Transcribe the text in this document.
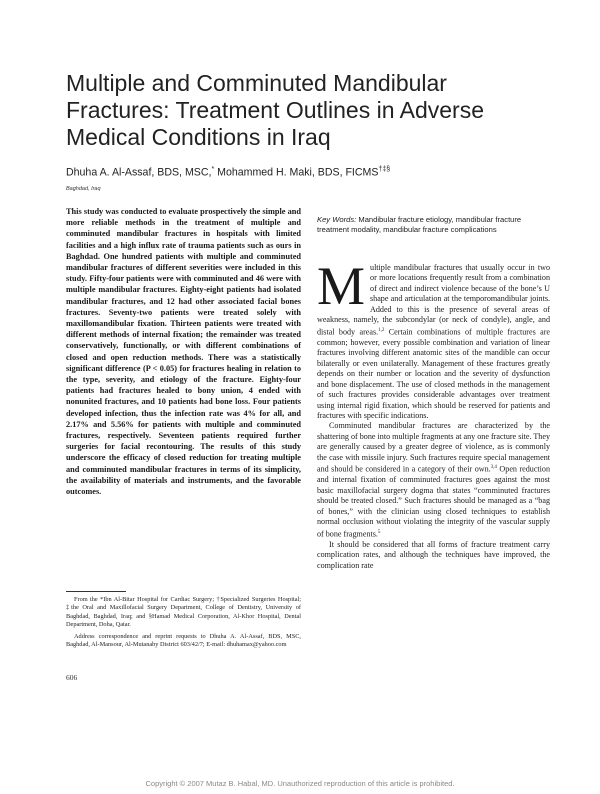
Multiple and Comminuted Mandibular Fractures: Treatment Outlines in Adverse Medical Conditions in Iraq
Dhuha A. Al-Assaf, BDS, MSC,* Mohammed H. Maki, BDS, FICMS†‡§
Baghdad, Iraq

This study was conducted to evaluate prospectively the simple and more reliable methods in the treatment of multiple and comminuted mandibular fractures in hospitals with limited facilities and a high influx rate of trauma patients such as ours in Baghdad. One hundred patients with multiple and comminuted mandibular fractures of different severities were included in this study. Fifty-four patients were with comminuted and 46 were with multiple mandibular fractures. Eighty-eight patients had isolated mandibular fractures, and 12 had other associated facial bones fractures. Seventy-two patients were treated solely with maxillomandibular fixation. Thirteen patients were treated with different methods of internal fixation; the remainder was treated conservatively, functionally, or with different combinations of closed and open reduction methods. There was a statistically significant difference (P < 0.05) for fractures healing in relation to the type, severity, and etiology of the fracture. Eighty-four patients had fractures healed to bony union, 4 ended with nonunited fractures, and 10 patients had bone loss. Four patients developed infection, thus the infection rate was 4% for all, and 2.17% and 5.56% for patients with multiple and comminuted fractures, respectively. Seventeen patients required further surgeries for facial recontouring. The results of this study underscore the efficacy of closed reduction for treating multiple and comminuted mandibular fractures in terms of its simplicity, the availability of materials and instruments, and the favorable outcomes.

From the *Ibn Al-Bitar Hospital for Cardiac Surgery; †Specialized Surgeries Hospital; ‡the Oral and Maxillofacial Surgery Department, College of Dentistry, University of Baghdad, Baghdad, Iraq; and §Hamad Medical Corporation, Al-Khor Hospital, Dental Department, Doha, Qatar.

Address correspondence and reprint requests to Dhuha A. Al-Assaf, BDS, MSC, Baghdad, Al-Mansour, Al-Mutanaby District 603/42/7; E-mail: dhuhamax@yahoo.com

606

Key Words: Mandibular fracture etiology, mandibular fracture treatment modality, mandibular fracture complications

Multiple mandibular fractures that usually occur in two or more locations frequently result from a combination of direct and indirect violence because of the bone’s U shape and articulation at the temporomandibular joints. Added to this is the presence of several areas of weakness, namely, the subcondylar (or neck of condyle), angle, and distal body areas.$^{1,2}$ Certain combinations of multiple fractures are common; however, every possible combination and variation of linear fractures involving different anatomic sites of the mandible can occur bilaterally or even unilaterally. Management of these fractures greatly depends on their number or location and the severity of dysfunction and bone displacement. The use of closed methods in the management of such fractures provides considerable advantages over treatment using internal rigid fixation, which should be reserved for patients and fractures with specific indications.

Comminuted mandibular fractures are characterized by the shattering of bone into multiple fragments at any one fracture site. They are generally caused by a greater degree of violence, as is commonly the case with missile injury. Such fractures require special management and should be considered in a category of their own.$^{3,4}$ Open reduction and internal fixation of comminuted fractures goes against the most basic maxillofacial surgery dogma that states “comminuted fractures should be treated closed.” Such fractures should be managed as a “bag of bones,” with the clinician using closed techniques to establish normal occlusion without violating the integrity of the vascular supply of bone fragments.$^5$

It should be considered that all forms of fracture treatment carry complication rates, and although the techniques have improved, the complication rate

Copyright © 2007 Mutaz B. Habal, MD. Unauthorized reproduction of this article is prohibited.
